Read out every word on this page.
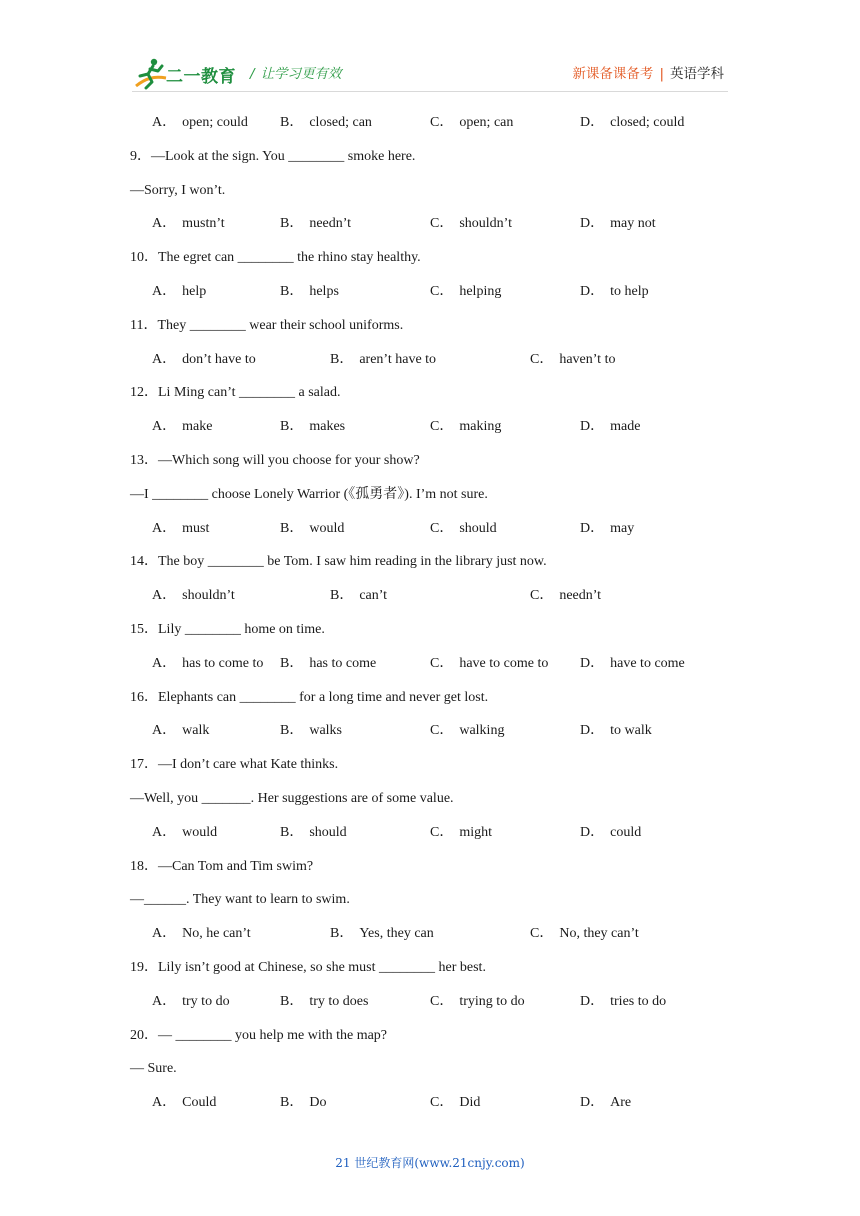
二一教育 / 让学习更有效	新课备课备考 | 英语学科
A． open; could B． closed; can	C． open; can	D． closed; could
9．—Look at the sign. You ________ smoke here.
—Sorry, I won’t.
A． mustn’t	B． needn’t	C． shouldn’t	D． may not
10．The egret can ________ the rhino stay healthy.
A． help	B． helps	C． helping	D． to help
11．They ________ wear their school uniforms.
A． don’t have to	B． aren’t have to	C． haven’t to
12．Li Ming can’t ________ a salad.
A． make	B． makes	C． making	D． made
13．—Which song will you choose for your show?
—I ________ choose Lonely Warrior (《孤勇者》). I’m not sure.
A． must	B． would	C． should	D． may
14．The boy ________ be Tom. I saw him reading in the library just now.
A． shouldn’t	B． can’t	C． needn’t
15．Lily ________ home on time.
A． has to come to B． has to come	C． have to come to D． have to come
16．Elephants can ________ for a long time and never get lost.
A． walk	B． walks	C． walking	D． to walk
17．—I don’t care what Kate thinks.
—Well, you _______. Her suggestions are of some value.
A． would	B． should	C． might	D． could
18．—Can Tom and Tim swim?
—______. They want to learn to swim.
A． No, he can’t	B． Yes, they can	C． No, they can’t
19．Lily isn’t good at Chinese, so she must ________ her best.
A． try to do	B． try to does	C． trying to do	D． tries to do
20．— ________ you help me with the map?
— Sure.
A． Could	B． Do	C． Did	D． Are
21 世纪教育网(www.21cnjy.com)
